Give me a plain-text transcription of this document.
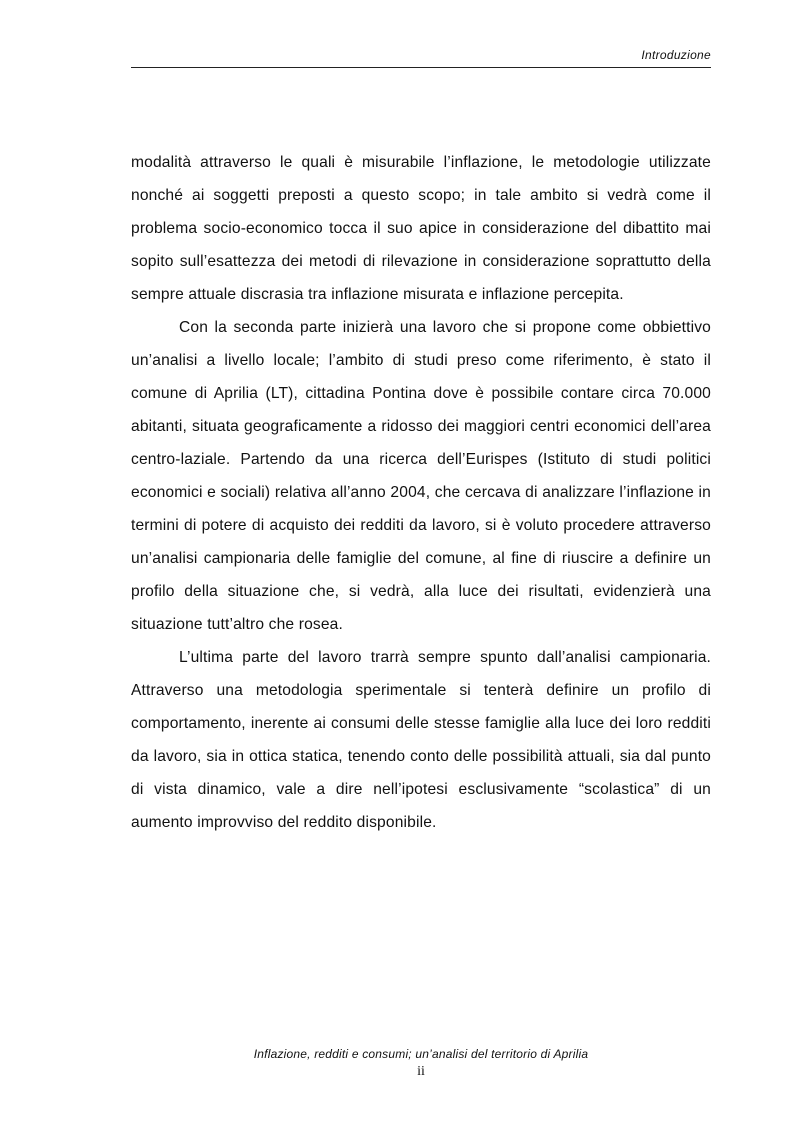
Introduzione

modalità attraverso le quali è misurabile l’inflazione, le metodologie utilizzate nonché ai soggetti preposti a questo scopo; in tale ambito si vedrà come il problema socio-economico tocca il suo apice in considerazione del dibattito mai sopito sull’esattezza dei metodi di rilevazione in considerazione soprattutto della sempre attuale discrasia tra inflazione misurata e inflazione percepita.

Con la seconda parte inizierà una lavoro che si propone come obbiettivo un’analisi a livello locale; l’ambito di studi preso come riferimento, è stato il comune di Aprilia (LT), cittadina Pontina dove è possibile contare circa 70.000 abitanti, situata geograficamente a ridosso dei maggiori centri economici dell’area centro-laziale. Partendo da una ricerca dell’Eurispes (Istituto di studi politici economici e sociali) relativa all’anno 2004, che cercava di analizzare l’inflazione in termini di potere di acquisto dei redditi da lavoro, si è voluto procedere attraverso un’analisi campionaria delle famiglie del comune, al fine di riuscire a definire un profilo della situazione che, si vedrà, alla luce dei risultati, evidenzierà una situazione tutt’altro che rosea.

L’ultima parte del lavoro trarrà sempre spunto dall’analisi campionaria. Attraverso una metodologia sperimentale si tenterà definire un profilo di comportamento, inerente ai consumi delle stesse famiglie alla luce dei loro redditi da lavoro, sia in ottica statica, tenendo conto delle possibilità attuali, sia dal punto di vista dinamico, vale a dire nell’ipotesi esclusivamente “scolastica” di un aumento improvviso del reddito disponibile.

Inflazione, redditi e consumi; un’analisi del territorio di Aprilia
ii
